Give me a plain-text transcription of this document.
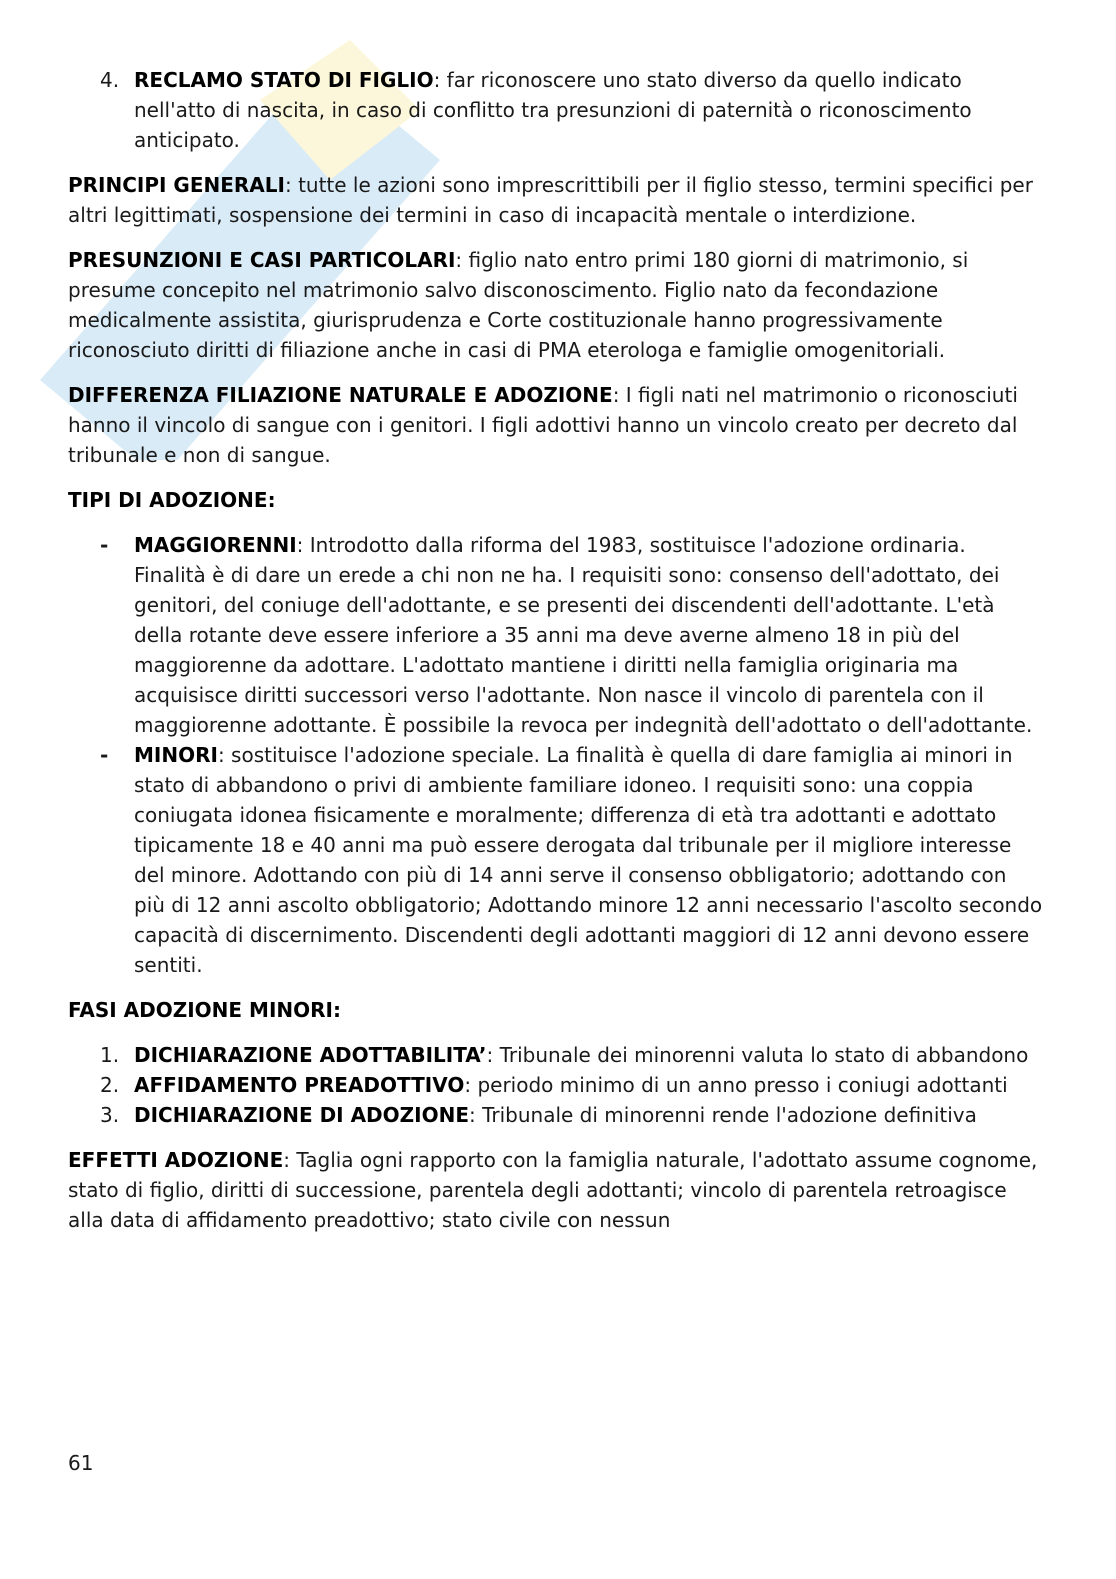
4. RECLAMO STATO DI FIGLIO: far riconoscere uno stato diverso da quello indicato nell'atto di nascita, in caso di conflitto tra presunzioni di paternità o riconoscimento anticipato.

PRINCIPI GENERALI: tutte le azioni sono imprescrittibili per il figlio stesso, termini specifici per altri legittimati, sospensione dei termini in caso di incapacità mentale o interdizione.

PRESUNZIONI E CASI PARTICOLARI: figlio nato entro primi 180 giorni di matrimonio, si presume concepito nel matrimonio salvo disconoscimento. Figlio nato da fecondazione medicalmente assistita, giurisprudenza e Corte costituzionale hanno progressivamente riconosciuto diritti di filiazione anche in casi di PMA eterologa e famiglie omogenitoriali.

DIFFERENZA FILIAZIONE NATURALE E ADOZIONE: I figli nati nel matrimonio o riconosciuti hanno il vincolo di sangue con i genitori. I figli adottivi hanno un vincolo creato per decreto dal tribunale e non di sangue.

TIPI DI ADOZIONE:

- MAGGIORENNI: Introdotto dalla riforma del 1983, sostituisce l'adozione ordinaria. Finalità è di dare un erede a chi non ne ha. I requisiti sono: consenso dell'adottato, dei genitori, del coniuge dell'adottante, e se presenti dei discendenti dell'adottante. L'età della rotante deve essere inferiore a 35 anni ma deve averne almeno 18 in più del maggiorenne da adottare. L'adottato mantiene i diritti nella famiglia originaria ma acquisisce diritti successori verso l'adottante. Non nasce il vincolo di parentela con il maggiorenne adottante. È possibile la revoca per indegnità dell'adottato o dell'adottante.

- MINORI: sostituisce l'adozione speciale. La finalità è quella di dare famiglia ai minori in stato di abbandono o privi di ambiente familiare idoneo. I requisiti sono: una coppia coniugata idonea fisicamente e moralmente; differenza di età tra adottanti e adottato tipicamente 18 e 40 anni ma può essere derogata dal tribunale per il migliore interesse del minore. Adottando con più di 14 anni serve il consenso obbligatorio; adottando con più di 12 anni ascolto obbligatorio; Adottando minore 12 anni necessario l'ascolto secondo capacità di discernimento. Discendenti degli adottanti maggiori di 12 anni devono essere sentiti.

FASI ADOZIONE MINORI:

1. DICHIARAZIONE ADOTTABILITA’: Tribunale dei minorenni valuta lo stato di abbandono

2. AFFIDAMENTO PREADOTTIVO: periodo minimo di un anno presso i coniugi adottanti

3. DICHIARAZIONE DI ADOZIONE: Tribunale di minorenni rende l'adozione definitiva

EFFETTI ADOZIONE: Taglia ogni rapporto con la famiglia naturale, l'adottato assume cognome, stato di figlio, diritti di successione, parentela degli adottanti; vincolo di parentela retroagisce alla data di affidamento preadottivo; stato civile con nessun

61
